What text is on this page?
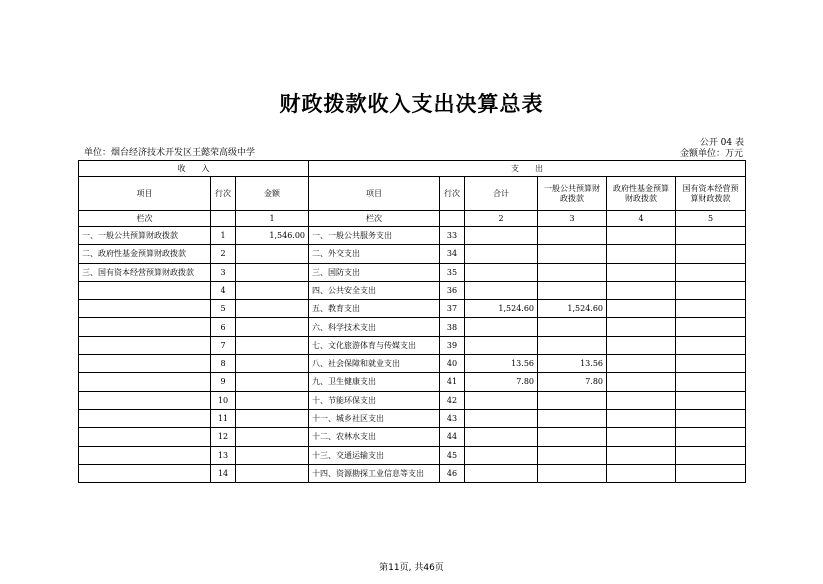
财政拨款收入支出决算总表
公开 04 表
单位：烟台经济技术开发区王懿荣高级中学	金额单位：万元
收　　入			支　　出					
项目	行次	金额	项目	行次	合计	一般公共预算财政拨款	政府性基金预算财政拨款	国有资本经营预算财政拨款
栏次		1	栏次		2	3	4	5
一、一般公共预算财政拨款	1	1,546.00	一、一般公共服务支出	33				
二、政府性基金预算财政拨款	2		二、外交支出	34				
三、国有资本经营预算财政拨款	3		三、国防支出	35				
	4		四、公共安全支出	36				
	5		五、教育支出	37	1,524.60	1,524.60		
	6		六、科学技术支出	38				
	7		七、文化旅游体育与传媒支出	39				
	8		八、社会保障和就业支出	40	13.56	13.56		
	9		九、卫生健康支出	41	7.80	7.80		
	10		十、节能环保支出	42				
	11		十一、城乡社区支出	43				
	12		十二、农林水支出	44				
	13		十三、交通运输支出	45				
	14		十四、资源勘探工业信息等支出	46				
第11页, 共46页
